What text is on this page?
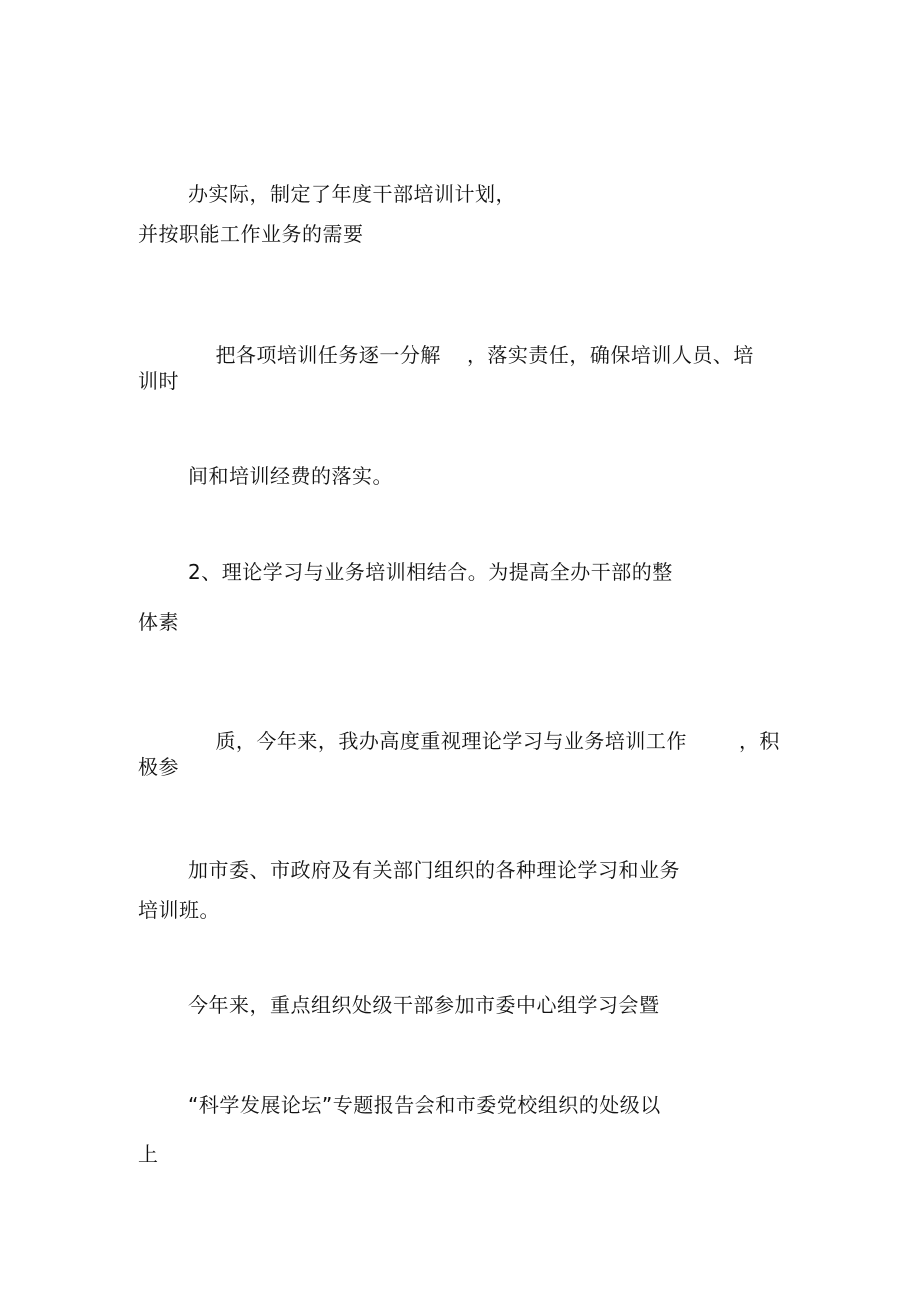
办实际，制定了年度干部培训计划，
并按职能工作业务的需要

把各项培训任务逐一分解 ，落实责任，确保培训人员、培

训时
间和培训经费的落实。
2、理论学习与业务培训相结合。为提高全办干部的整
体素

质，今年来，我办高度重视理论学习与业务培训工作	，积

极参
加市委、市政府及有关部门组织的各种理论学习和业务
培训班。
今年来，重点组织处级干部参加市委中心组学习会暨
“科学发展论坛”专题报告会和市委党校组织的处级以
上
